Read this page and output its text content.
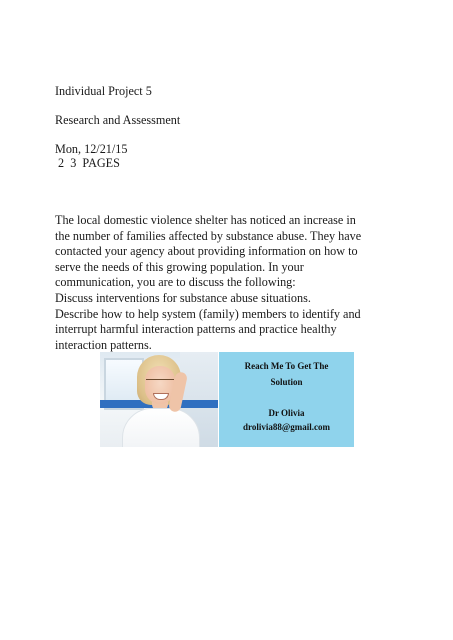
Individual Project 5

Research and Assessment

Mon, 12/21/15

2  3  PAGES

The local domestic violence shelter has noticed an increase in
the number of families affected by substance abuse. They have
contacted your agency about providing information on how to
serve the needs of this growing population. In your
communication, you are to discuss the following:
Discuss interventions for substance abuse situations.
Describe how to help system (family) members to identify and
interrupt harmful interaction patterns and practice healthy
interaction patterns.
Reach Me To Get The
Solution
Dr Olivia
drolivia88@gmail.com
